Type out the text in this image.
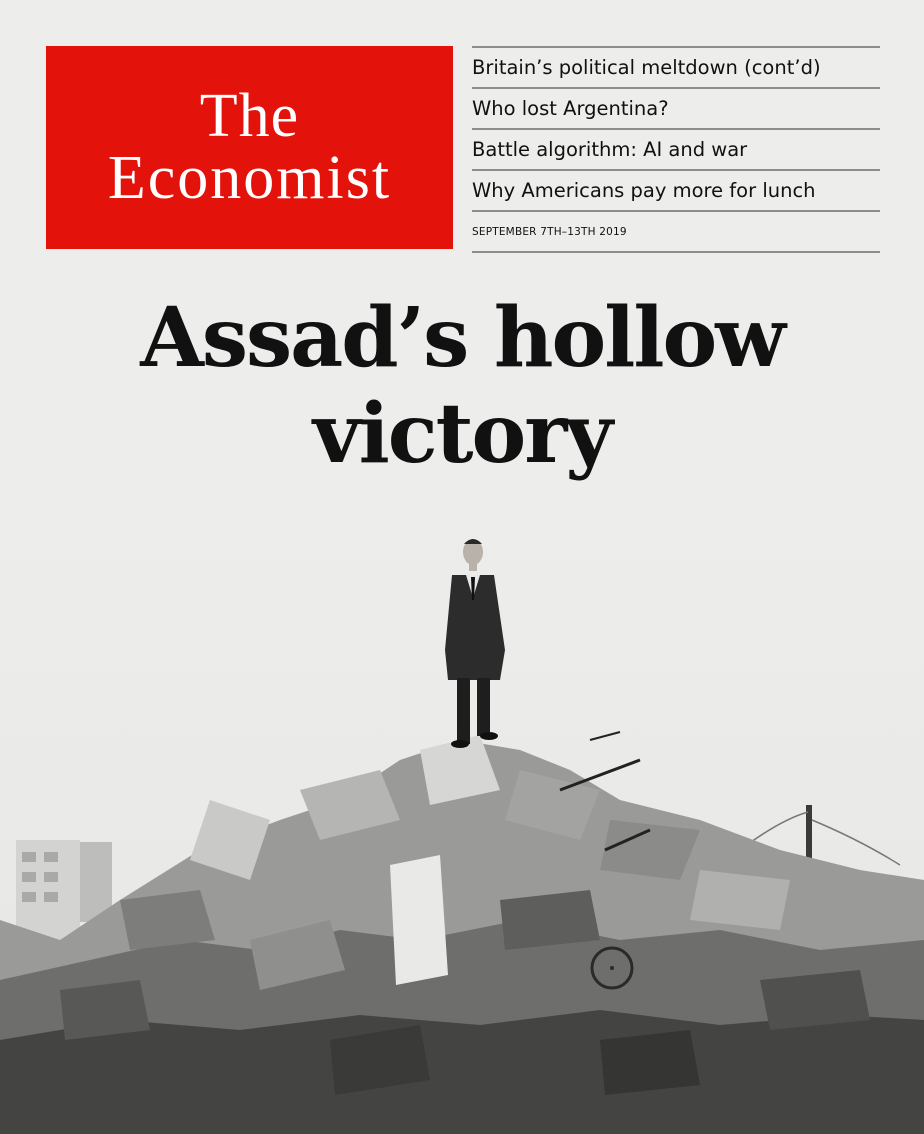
The
Economist
Britain’s political meltdown (cont’d)
Who lost Argentina?
Battle algorithm: AI and war
Why Americans pay more for lunch
SEPTEMBER 7TH–13TH 2019
Assad’s hollow
victory
